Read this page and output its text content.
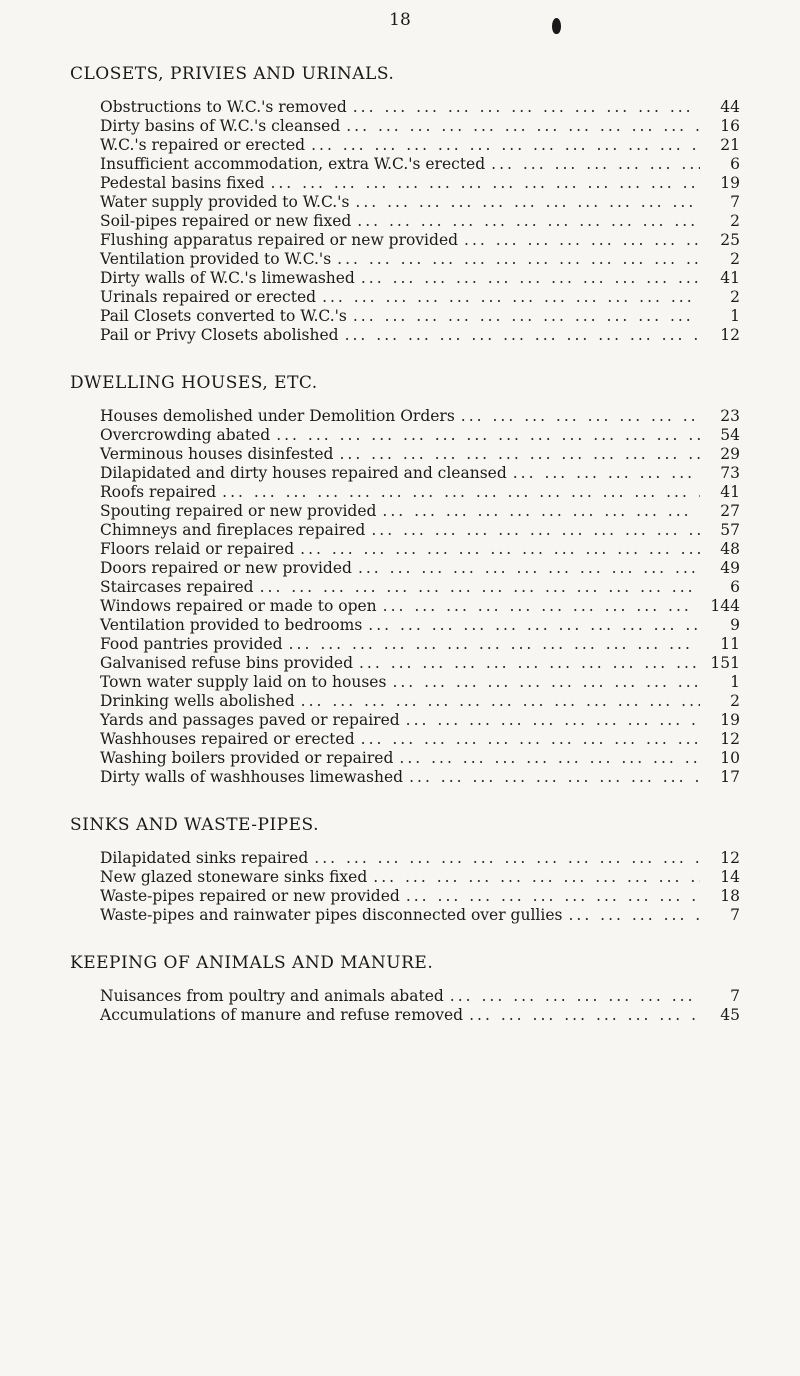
18
CLOSETS, PRIVIES AND URINALS.
Obstructions to W.C.'s removed ... .	44
Dirty basins of W.C.'s cleansed ... .	16
W.C.'s repaired or erected ... .	21
Insufficient accommodation, extra W.C.'s erected ... .	6
Pedestal basins fixed ... .	19
Water supply provided to W.C.'s ... .	7
Soil-pipes repaired or new fixed ... .	2
Flushing apparatus repaired or new provided ... .	25
Ventilation provided to W.C.'s ... .	2
Dirty walls of W.C.'s limewashed ... .	41
Urinals repaired or erected ... .	2
Pail Closets converted to W.C.'s ... .	1
Pail or Privy Closets abolished ... .	12
DWELLING HOUSES, ETC.
Houses demolished under Demolition Orders ... .	23
Overcrowding abated ... .	54
Verminous houses disinfested ... .	29
Dilapidated and dirty houses repaired and cleansed ... .	73
Roofs repaired ... .	41
Spouting repaired or new provided ... .	27
Chimneys and fireplaces repaired ... .	57
Floors relaid or repaired ... .	48
Doors repaired or new provided ... .	49
Staircases repaired ... .	6
Windows repaired or made to open ... .	144
Ventilation provided to bedrooms ... .	9
Food pantries provided ... .	11
Galvanised refuse bins provided ... .	151
Town water supply laid on to houses ... .	1
Drinking wells abolished ... .	2
Yards and passages paved or repaired ... .	19
Washhouses repaired or erected ... .	12
Washing boilers provided or repaired ... .	10
Dirty walls of washhouses limewashed ... .	17
SINKS AND WASTE-PIPES.
Dilapidated sinks repaired ... .	12
New glazed stoneware sinks fixed ... .	14
Waste-pipes repaired or new provided ... .	18
Waste-pipes and rainwater pipes disconnected over gullies ... .	7
KEEPING OF ANIMALS AND MANURE.
Nuisances from poultry and animals abated ... .	7
Accumulations of manure and refuse removed ... .	45
